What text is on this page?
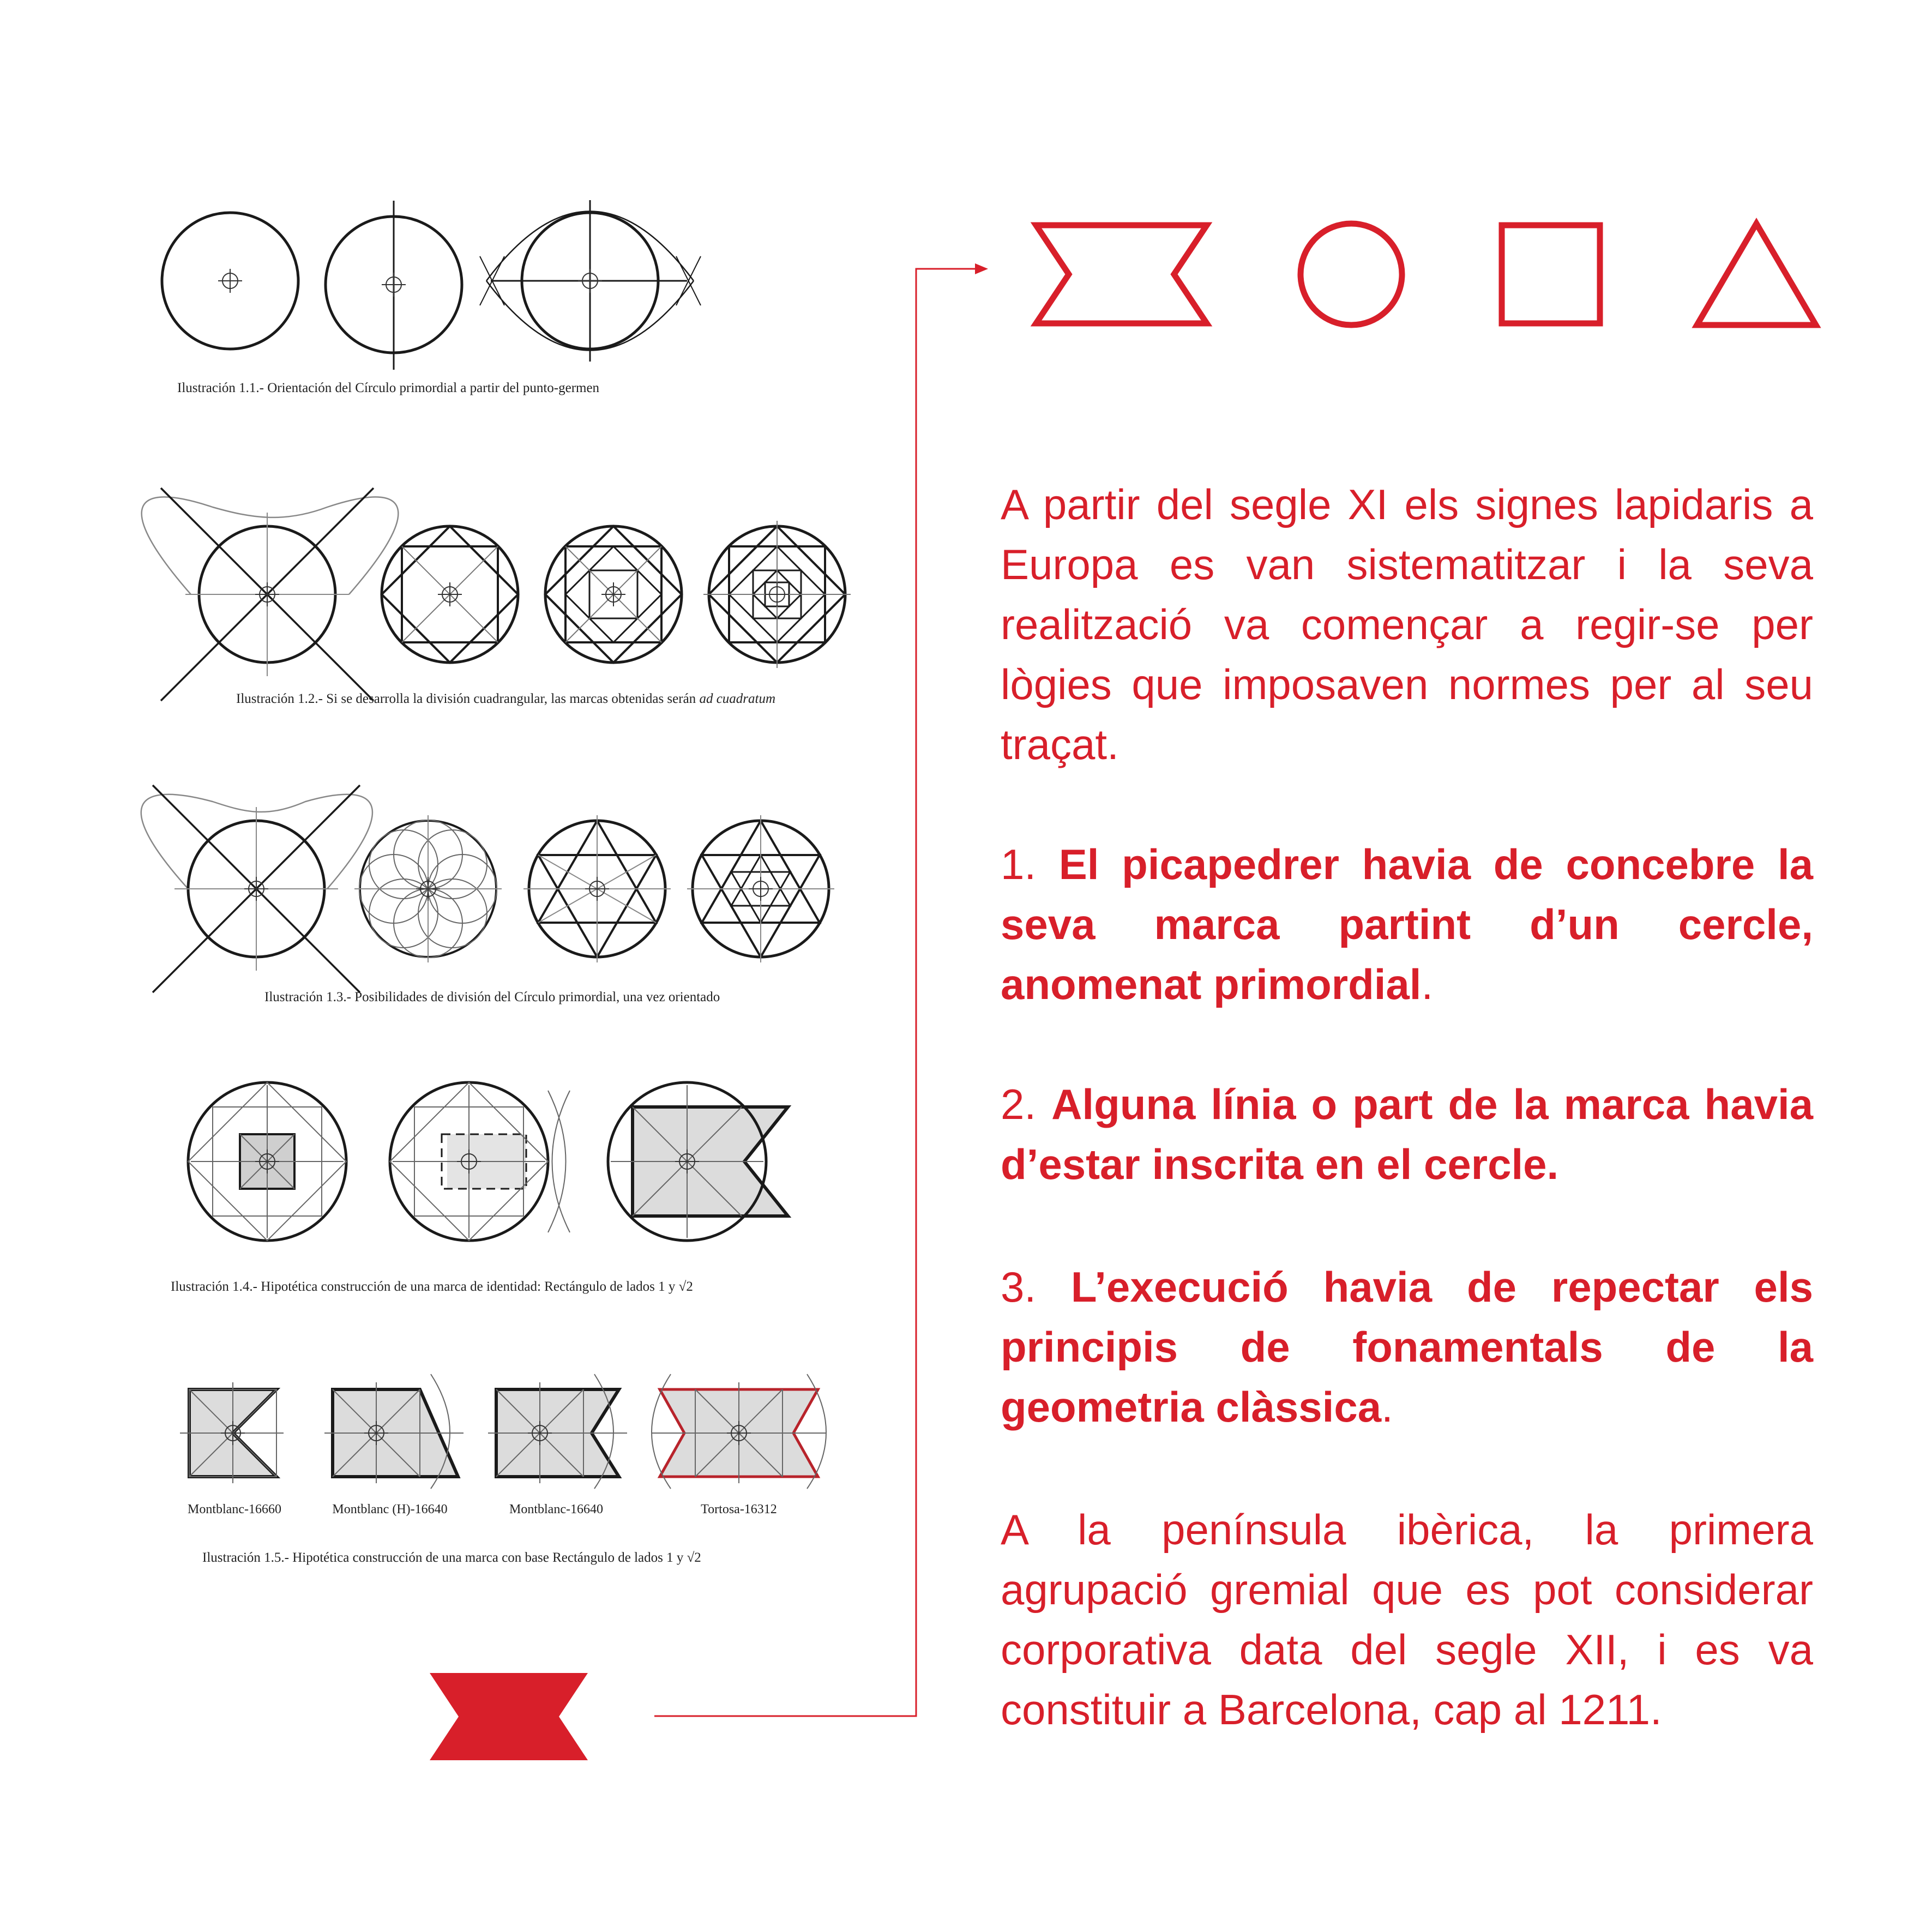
Ilustración 1.1.- Orientación del Círculo primordial a partir del punto-germen
Ilustración 1.2.- Si se desarrolla la división cuadrangular, las marcas obtenidas serán ad cuadratum
Ilustración 1.3.- Posibilidades de división del Círculo primordial, una vez orientado
Ilustración 1.4.- Hipotética construcción de una marca de identidad: Rectángulo de lados 1 y √2
Montblanc-16660	Montblanc (H)-16640	Montblanc-16640	Tortosa-16312
Ilustración 1.5.- Hipotética construcción de una marca con base Rectángulo de lados 1 y √2

A partir del segle XI els signes lapidaris a Europa es van sistematitzar i la seva realització va començar a regir-se per lògies que imposaven normes per al seu traçat.

1. El picapedrer havia de concebre la seva marca partint d’un cercle, anomenat primordial.

2. Alguna línia o part de la marca havia d’estar inscrita en el cercle.

3. L’execució havia de repectar els principis de fonamentals de la geometria clàssica.

A la península ibèrica, la primera agrupació gremial que es pot considerar corporativa data del segle XII, i es va constituir a Barcelona, cap al 1211.
